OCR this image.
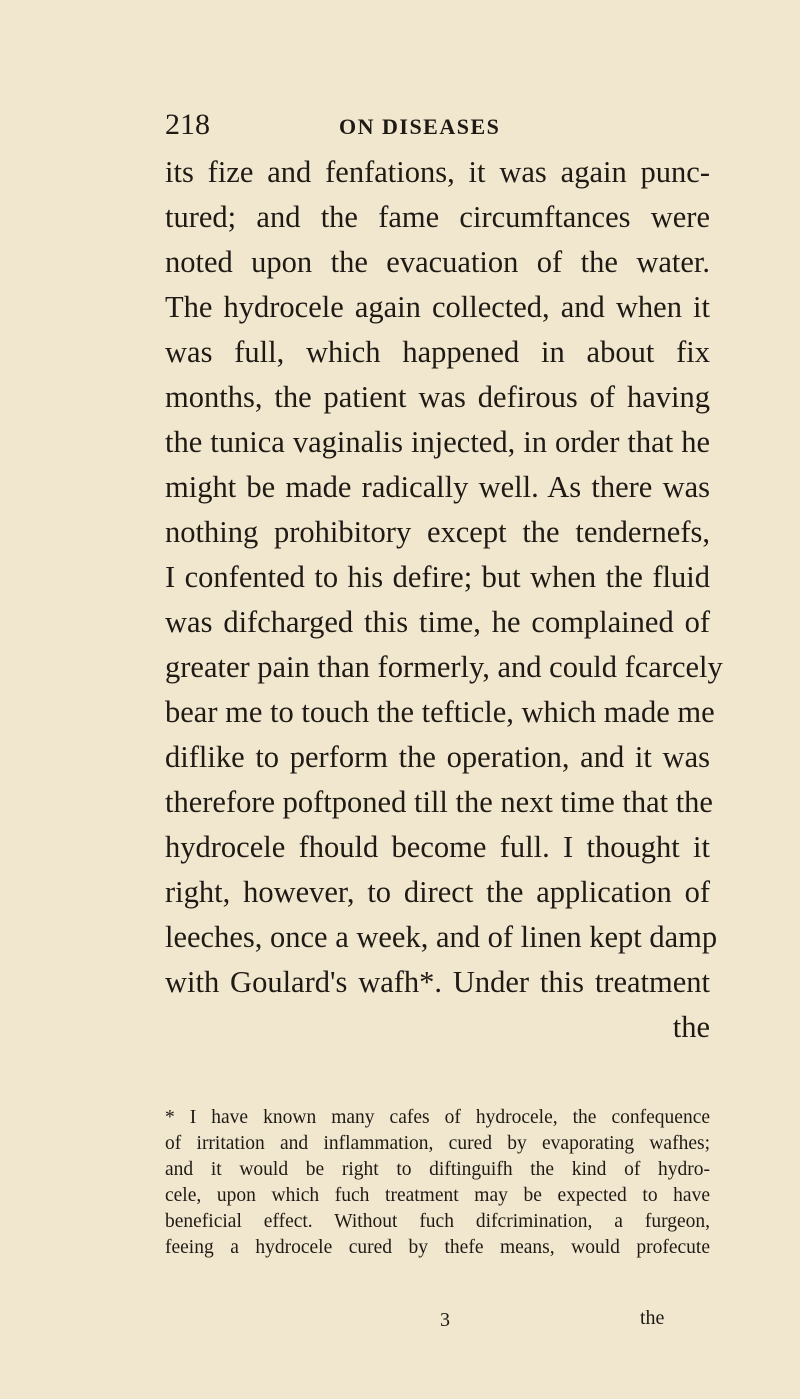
218	ON DISEASES
its fize and fenfations, it was again punc-
tured; and the fame circumftances were
noted upon the evacuation of the water.
The hydrocele again collected, and when it
was full, which happened in about fix
months, the patient was defirous of having
the tunica vaginalis injected, in order that he
might be made radically well. As there was
nothing prohibitory except the tendernefs,
I confented to his defire; but when the fluid
was difcharged this time, he complained of
greater pain than formerly, and could fcarcely
bear me to touch the tefticle, which made me
diflike to perform the operation, and it was
therefore poftponed till the next time that the
hydrocele fhould become full. I thought it
right, however, to direct the application of
leeches, once a week, and of linen kept damp
with Goulard's wafh*. Under this treatment
the
* I have known many cafes of hydrocele, the confequence
of irritation and inflammation, cured by evaporating wafhes;
and it would be right to diftinguifh the kind of hydro-
cele, upon which fuch treatment may be expected to have
beneficial effect. Without fuch difcrimination, a furgeon,
feeing a hydrocele cured by thefe means, would profecute
3	the
